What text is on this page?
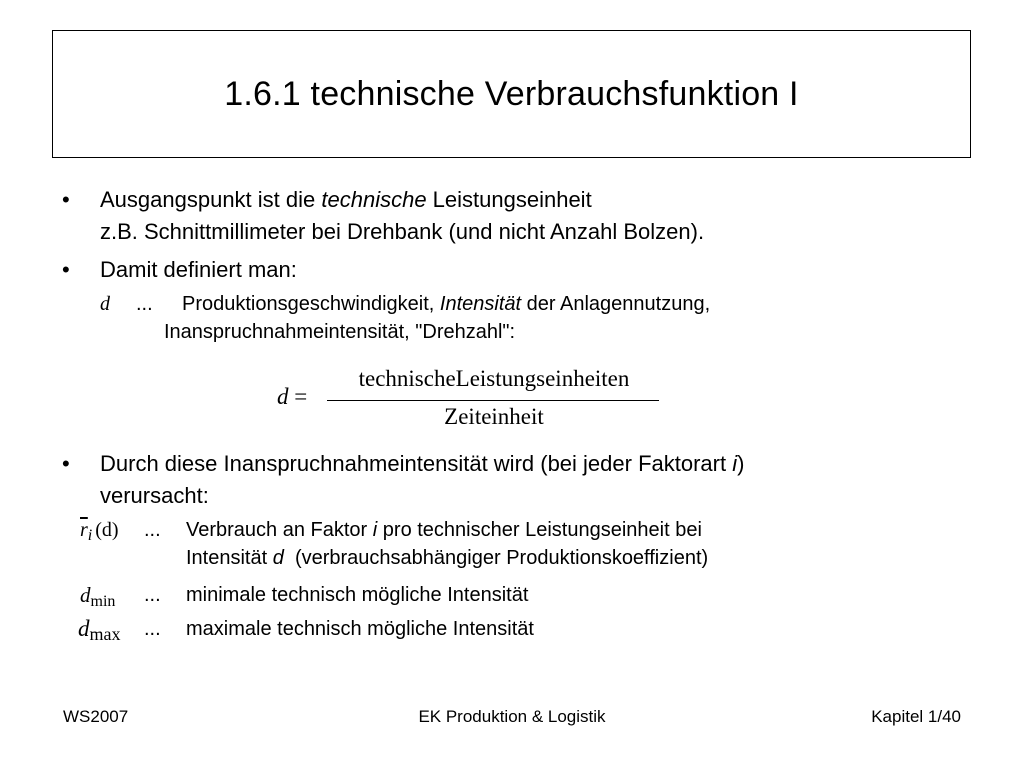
1.6.1 technische Verbrauchsfunktion I
• Ausgangspunkt ist die technische Leistungseinheit
z.B. Schnittmillimeter bei Drehbank (und nicht Anzahl Bolzen).
• Damit definiert man:
d ... Produktionsgeschwindigkeit, Intensität der Anlagennutzung,
Inanspruchnahmeintensität, "Drehzahl":
d =
technischeLeistungseinheiten
Zeiteinheit
• Durch diese Inanspruchnahmeintensität wird (bei jeder Faktorart i)
verursacht:
$\overline{r}_i$ (d) ... Verbrauch an Faktor i pro technischer Leistungseinheit bei
Intensität d  (verbrauchsabhängiger Produktionskoeffizient)
$d_{min}$ ... minimale technisch mögliche Intensität
dmax ... maximale technisch mögliche Intensität
WS2007	EK Produktion & Logistik	Kapitel 1/40
